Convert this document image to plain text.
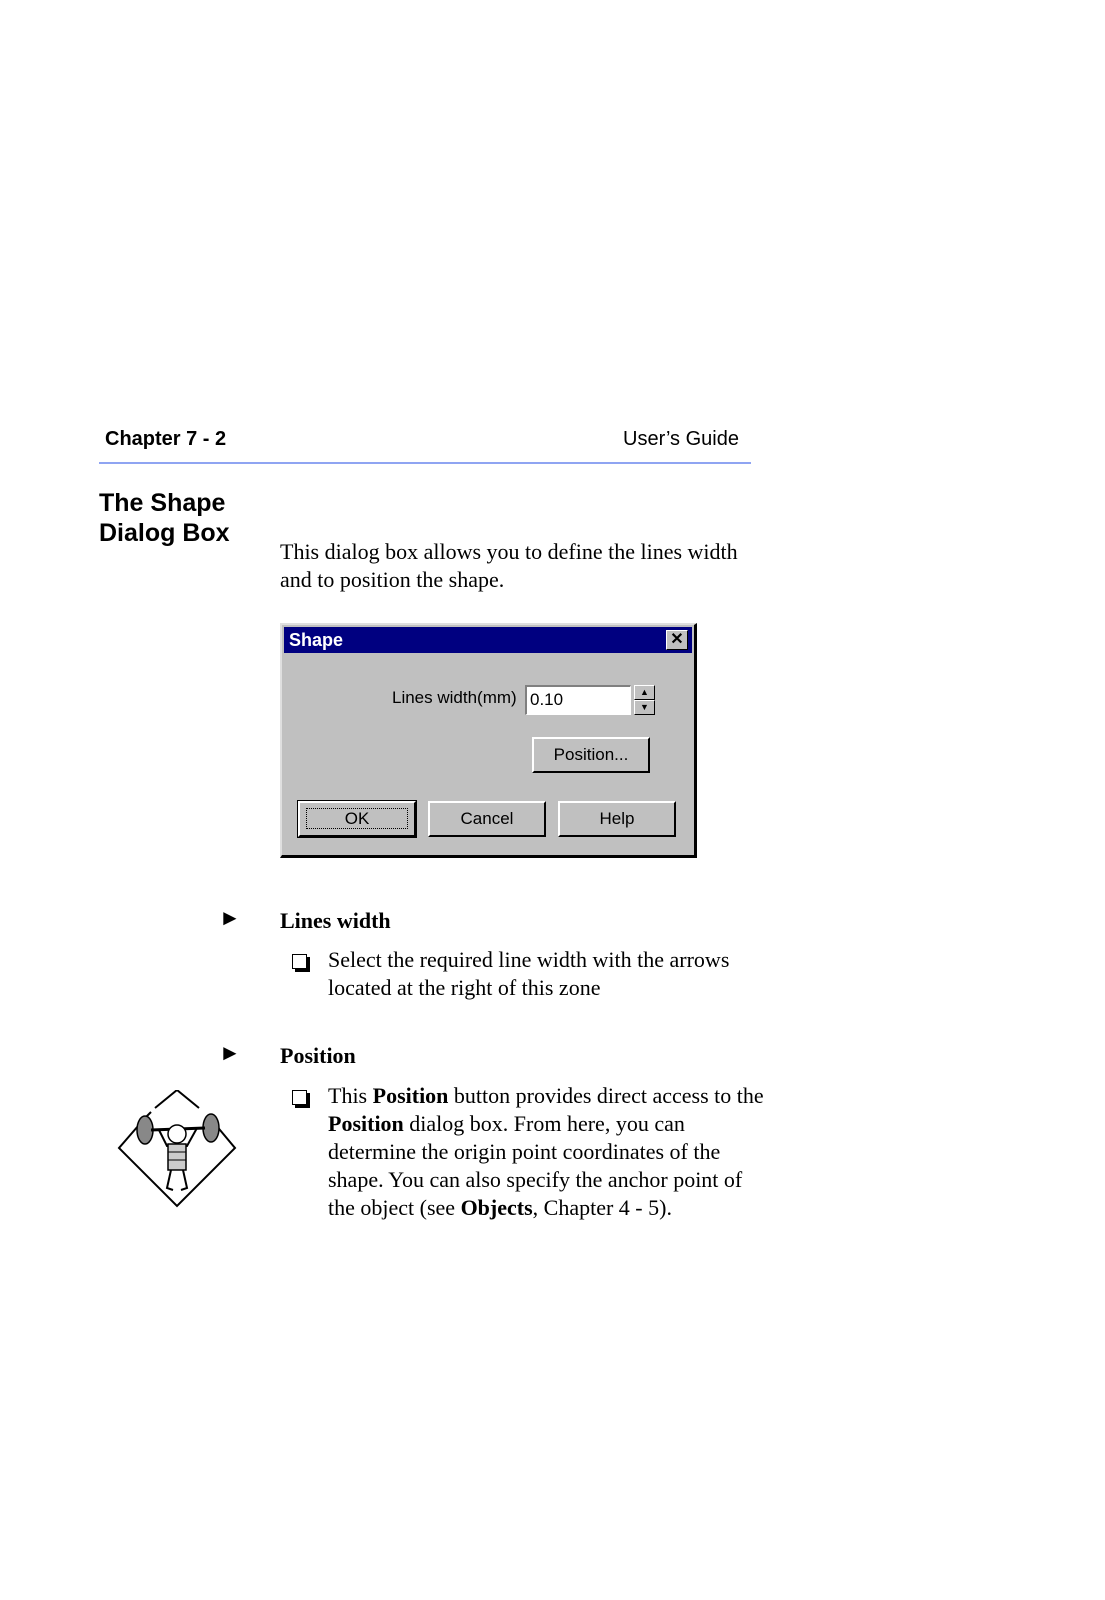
Chapter 7 - 2	User’s Guide
The Shape
Dialog Box
This dialog box allows you to define the lines width and to position the shape.
Shape	✕
Lines width(mm) 0.10	▲
▼
Position...
OK	Cancel	Help
► Lines width
Select the required line width with the arrows located at the right of this zone
► Position
This Position button provides direct access to the Position dialog box. From here, you can determine the origin point coordinates of the shape. You can also specify the anchor point of the object (see Objects, Chapter 4 - 5).
